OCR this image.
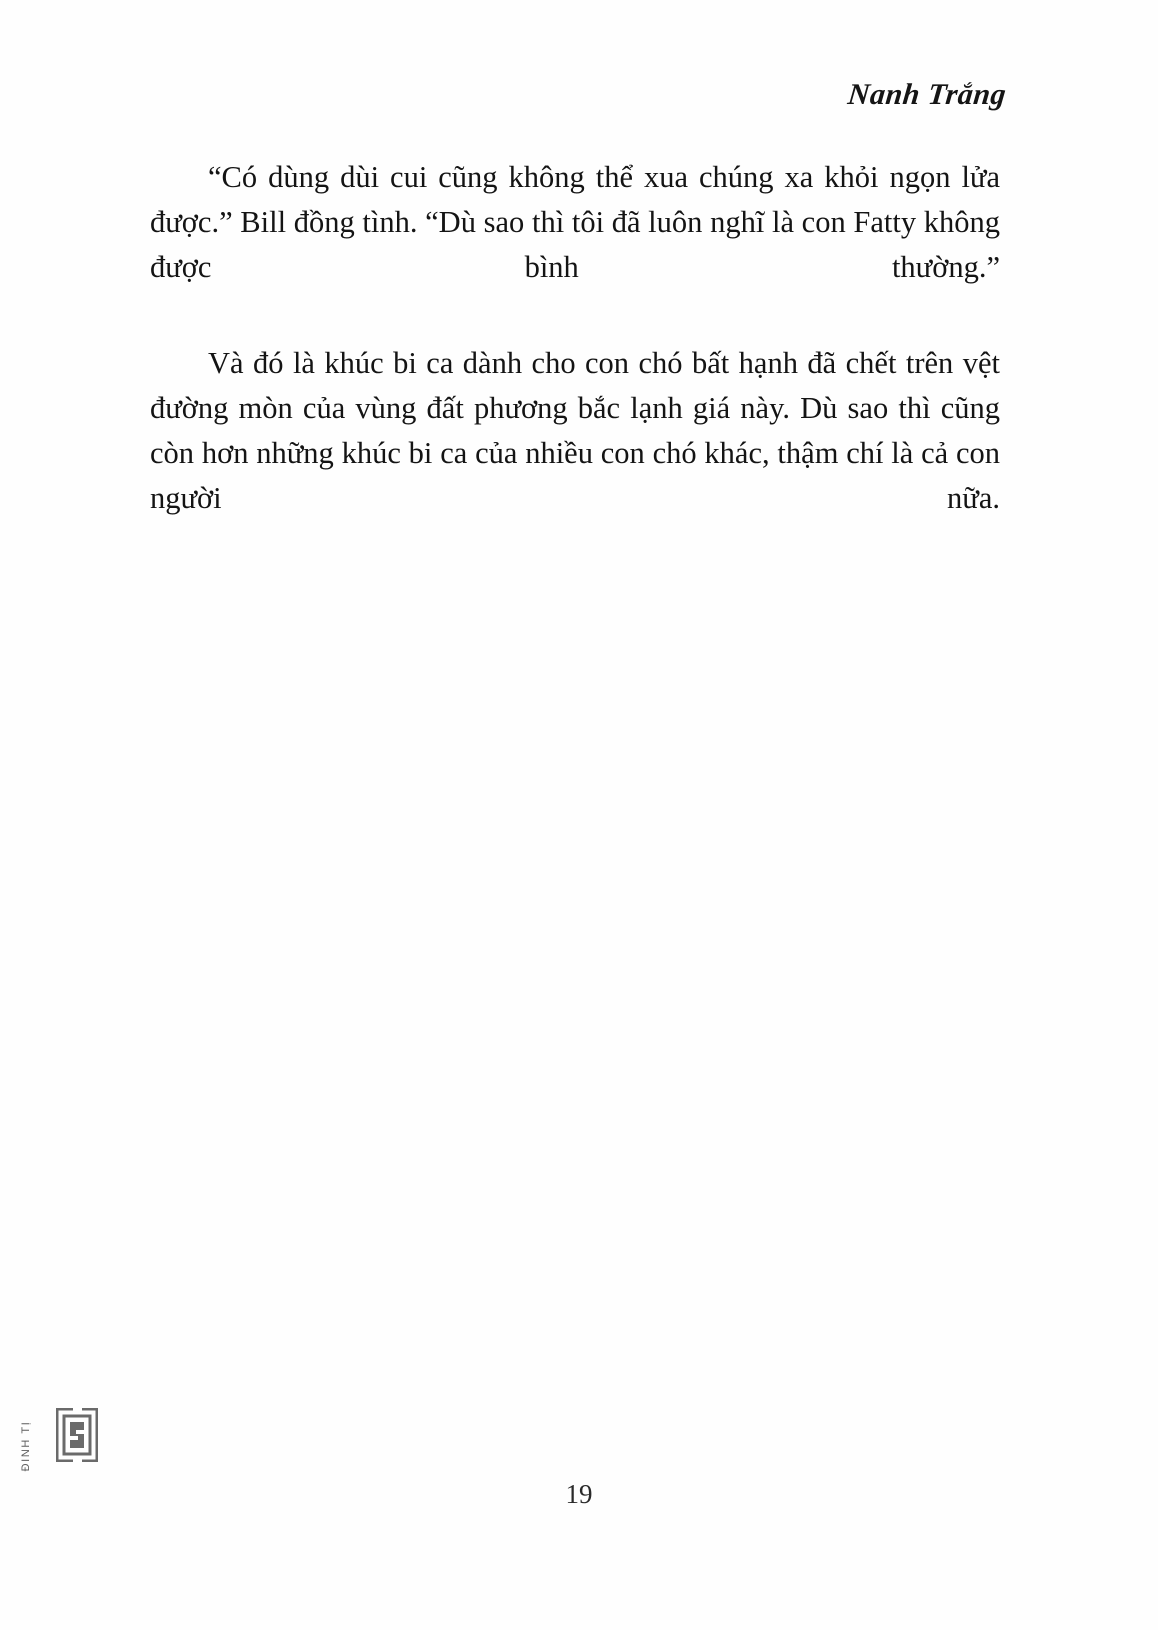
Nanh Trắng

“Có dùng dùi cui cũng không thể xua chúng xa khỏi ngọn lửa được.” Bill đồng tình. “Dù sao thì tôi đã luôn nghĩ là con Fatty không được bình thường.”

Và đó là khúc bi ca dành cho con chó bất hạnh đã chết trên vệt đường mòn của vùng đất phương bắc lạnh giá này. Dù sao thì cũng còn hơn những khúc bi ca của nhiều con chó khác, thậm chí là cả con người nữa.

ĐINH TỊ
19
